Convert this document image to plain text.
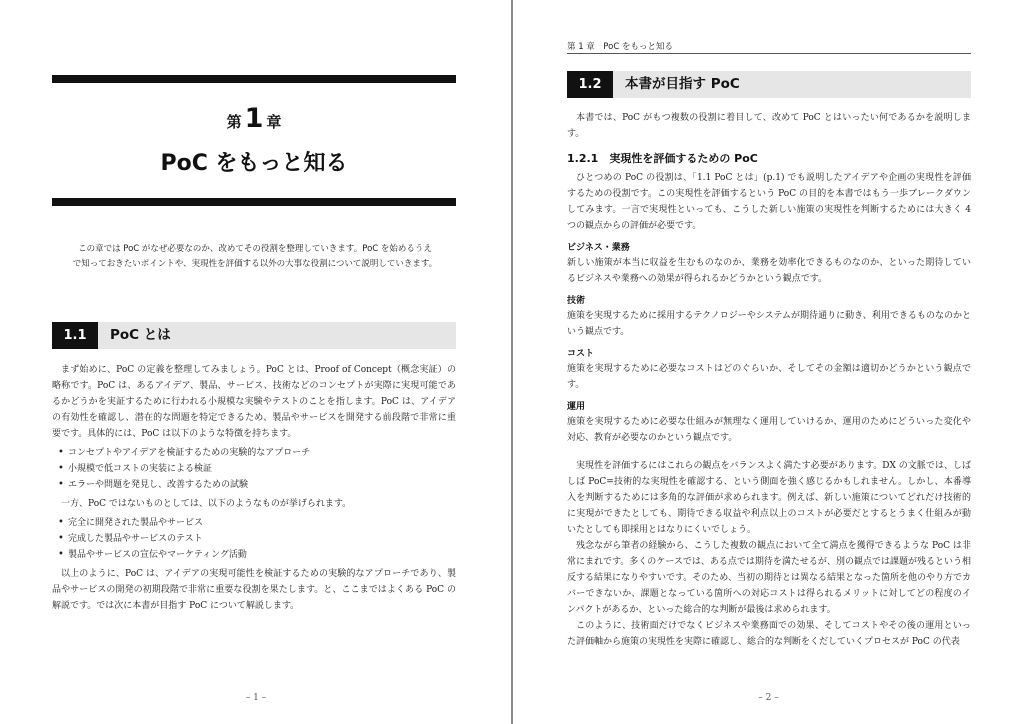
第 1 章
PoC をもっと知る
この章では PoC がなぜ必要なのか、改めてその役割を整理していきます。PoC を始めるうえ
で知っておきたいポイントや、実現性を評価する以外の大事な役割について説明していきます。
1.1	PoC とは

まず始めに、PoC の定義を整理してみましょう。PoC とは、Proof of Concept（概念実証）の略称です。PoC は、あるアイデア、製品、サービス、技術などのコンセプトが実際に実現可能であるかどうかを実証するために行われる小規模な実験やテストのことを指します。PoC は、アイデアの有効性を確認し、潜在的な問題を特定できるため、製品やサービスを開発する前段階で非常に重要です。具体的には、PoC は以下のような特徴を持ちます。

• コンセプトやアイデアを検証するための実験的なアプローチ
• 小規模で低コストの実装による検証
• エラーや問題を発見し、改善するための試験

一方、PoC ではないものとしては、以下のようなものが挙げられます。

• 完全に開発された製品やサービス
• 完成した製品やサービスのテスト
• 製品やサービスの宣伝やマーケティング活動

以上のように、PoC は、アイデアの実現可能性を検証するための実験的なアプローチであり、製品やサービスの開発の初期段階で非常に重要な役割を果たします。と、ここまではよくある PoC の解説です。では次に本書が目指す PoC について解説します。

– 1 –	– 2 –
第 1 章　PoC をもっと知る
1.2	本書が目指す PoC

本書では、PoC がもつ複数の役割に着目して、改めて PoC とはいったい何であるかを説明します。

1.2.1　実現性を評価するための PoC

ひとつめの PoC の役割は、「1.1 PoC とは」(p.1) でも説明したアイデアや企画の実現性を評価するための役割です。この実現性を評価するという PoC の目的を本書ではもう一歩ブレークダウンしてみます。一言で実現性といっても、こうした新しい施策の実現性を判断するためには大きく 4 つの観点からの評価が必要です。

ビジネス・業務

新しい施策が本当に収益を生むものなのか、業務を効率化できるものなのか、といった期待しているビジネスや業務への効果が得られるかどうかという観点です。

技術

施策を実現するために採用するテクノロジーやシステムが期待通りに動き、利用できるものなのかという観点です。

コスト

施策を実現するために必要なコストはどのぐらいか、そしてその金額は適切かどうかという観点です。

運用

施策を実現するために必要な仕組みが無理なく運用していけるか、運用のためにどういった変化や対応、教育が必要なのかという観点です。

実現性を評価するにはこれらの観点をバランスよく満たす必要があります。DX の文脈では、しばしば PoC=技術的な実現性を確認する、という側面を強く感じるかもしれません。しかし、本番導入を判断するためには多角的な評価が求められます。例えば、新しい施策についてどれだけ技術的に実現ができたとしても、期待できる収益や利点以上のコストが必要だとするとうまく仕組みが動いたとしても即採用とはなりにくいでしょう。

残念ながら筆者の経験から、こうした複数の観点において全て満点を獲得できるような PoC は非常にまれです。多くのケースでは、ある点では期待を満たせるが、別の観点では課題が残るという相反する結果になりやすいです。そのため、当初の期待とは異なる結果となった箇所を他のやり方でカバーできないか、課題となっている箇所への対応コストは得られるメリットに対してどの程度のインパクトがあるか、といった総合的な判断が最後は求められます。

このように、技術面だけでなくビジネスや業務面での効果、そしてコストやその後の運用といった評価軸から施策の実現性を実際に確認し、総合的な判断をくだしていくプロセスが PoC の代表
